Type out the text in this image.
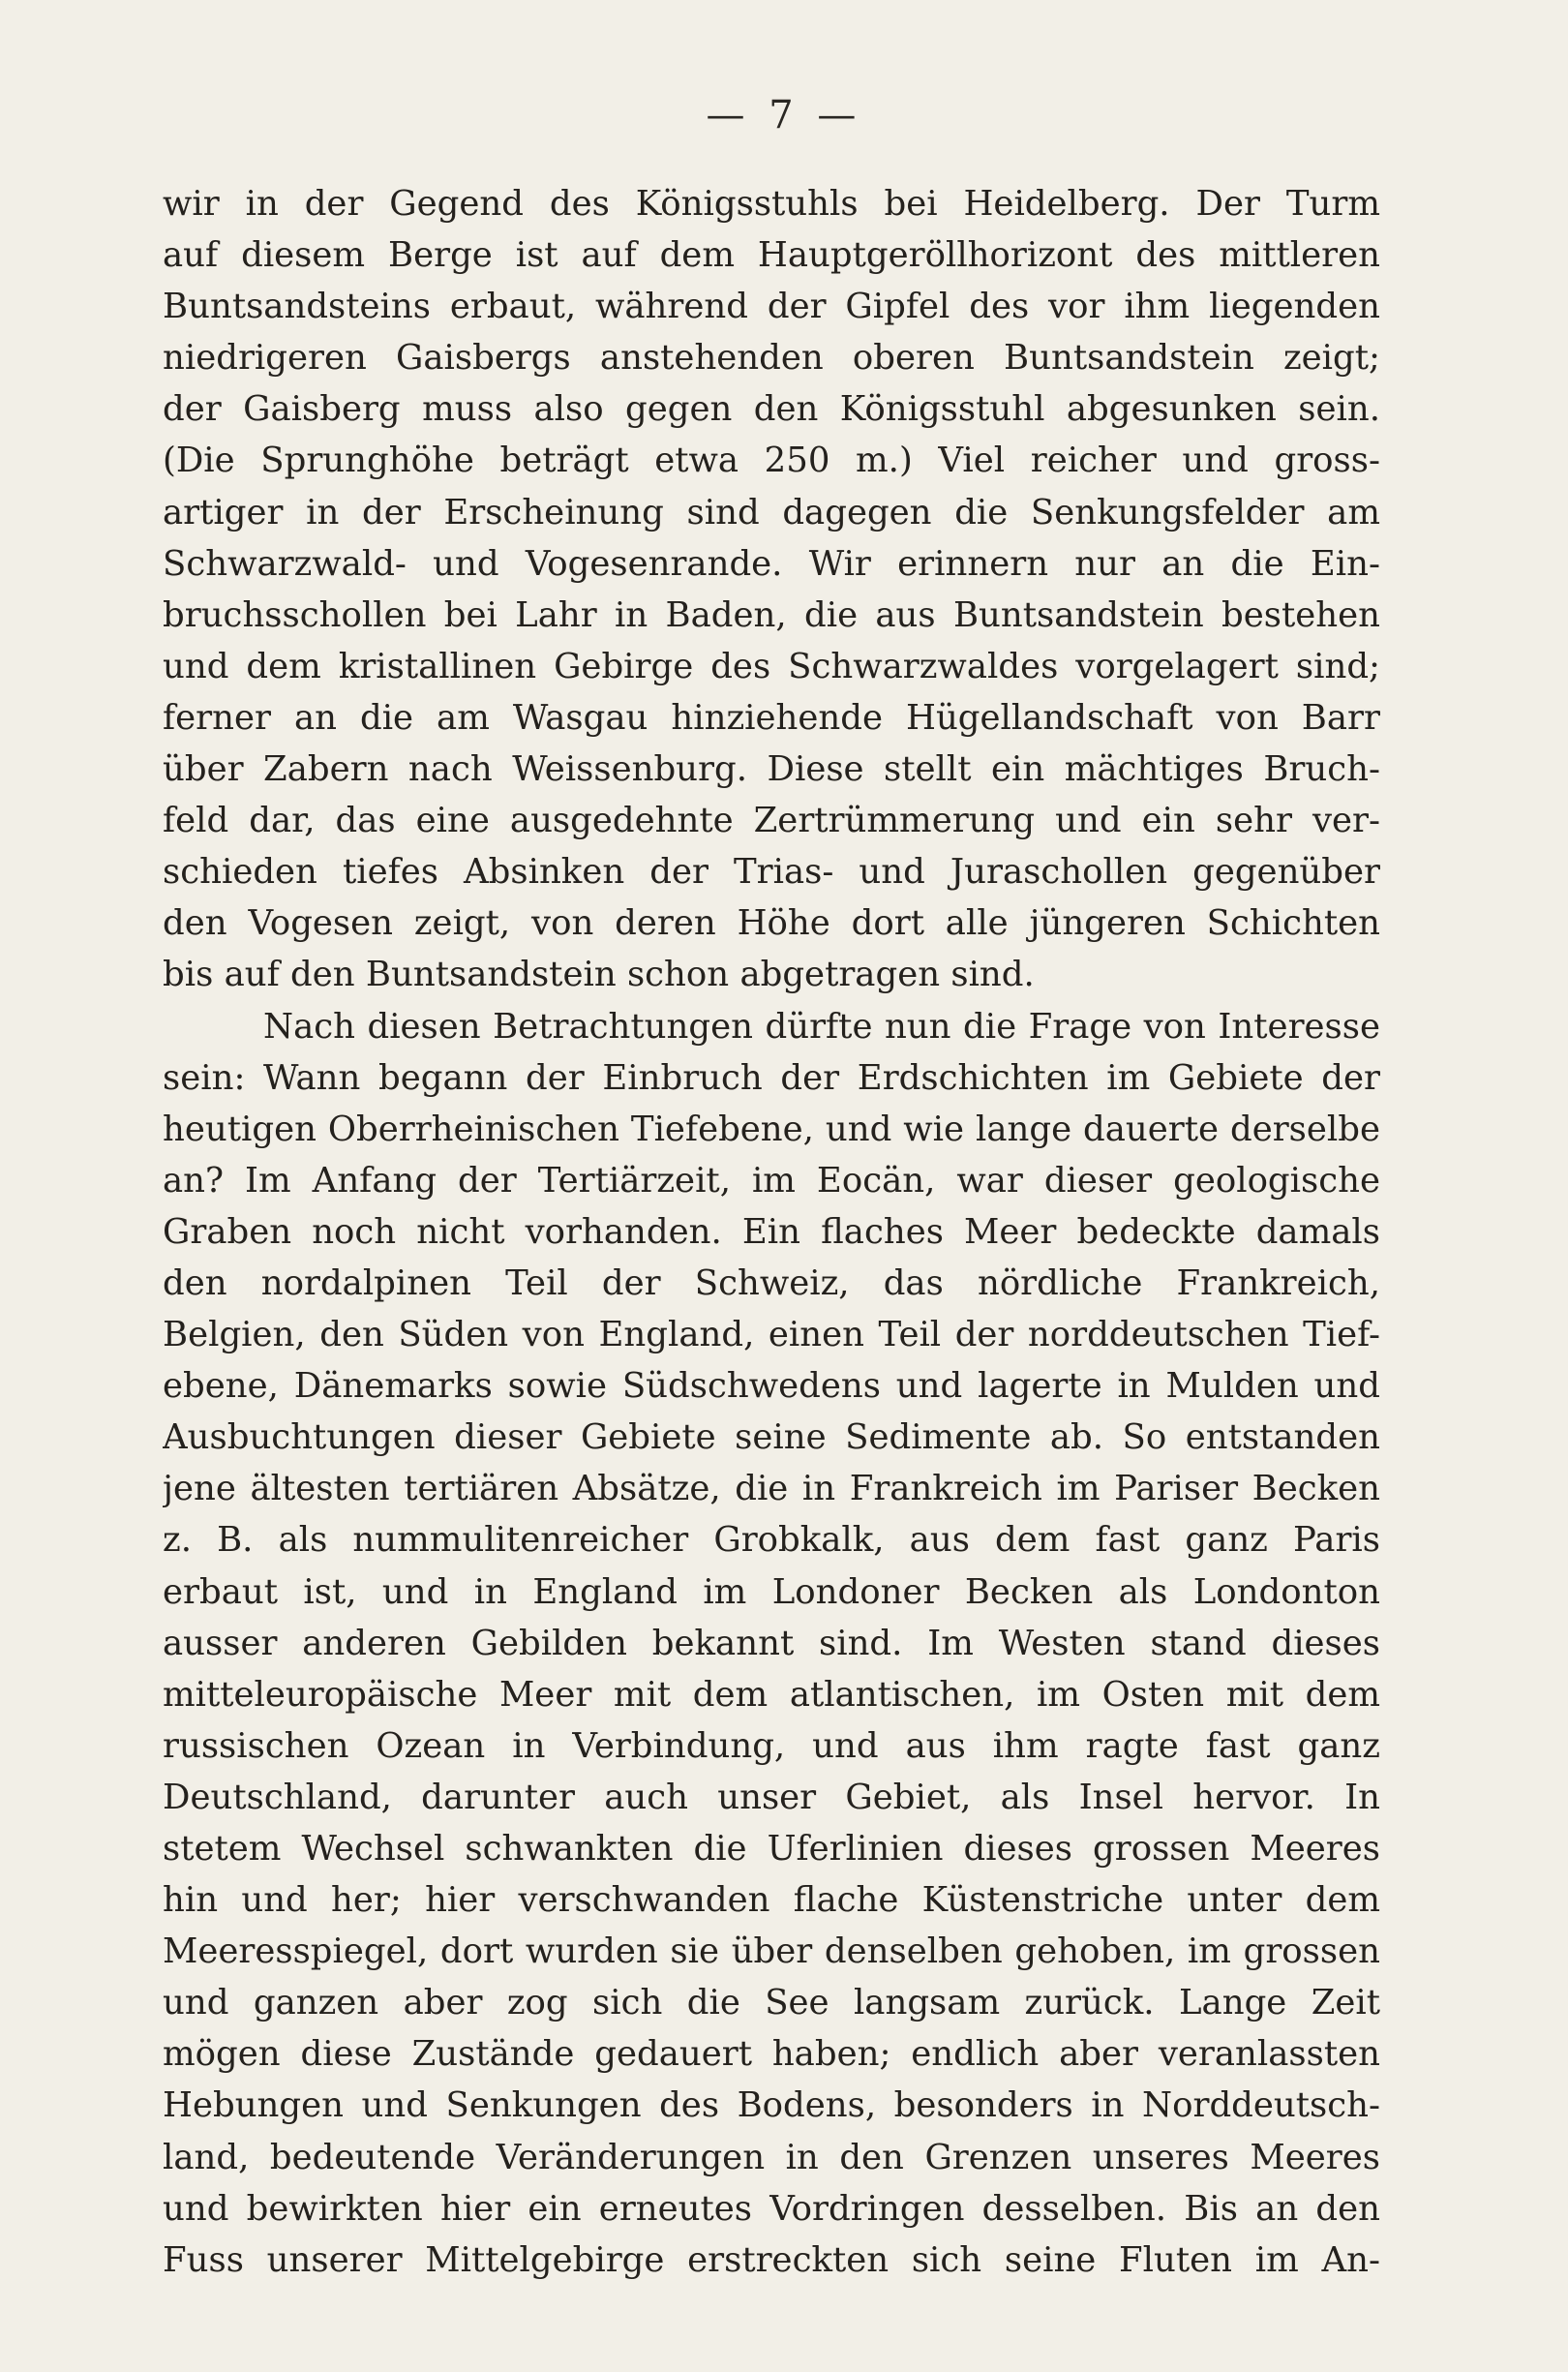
— 7 —
wir in der Gegend des Königsstuhls bei Heidelberg. Der Turm
auf diesem Berge ist auf dem Hauptgeröllhorizont des mittleren
Buntsandsteins erbaut, während der Gipfel des vor ihm liegenden
niedrigeren Gaisbergs anstehenden oberen Buntsandstein zeigt;
der Gaisberg muss also gegen den Königsstuhl abgesunken sein.
(Die Sprunghöhe beträgt etwa 250 m.) Viel reicher und gross-
artiger in der Erscheinung sind dagegen die Senkungsfelder am
Schwarzwald- und Vogesenrande. Wir erinnern nur an die Ein-
bruchsschollen bei Lahr in Baden, die aus Buntsandstein bestehen
und dem kristallinen Gebirge des Schwarzwaldes vorgelagert sind;
ferner an die am Wasgau hinziehende Hügellandschaft von Barr
über Zabern nach Weissenburg. Diese stellt ein mächtiges Bruch-
feld dar, das eine ausgedehnte Zertrümmerung und ein sehr ver-
schieden tiefes Absinken der Trias- und Juraschollen gegenüber
den Vogesen zeigt, von deren Höhe dort alle jüngeren Schichten
bis auf den Buntsandstein schon abgetragen sind.
Nach diesen Betrachtungen dürfte nun die Frage von Interesse
sein: Wann begann der Einbruch der Erdschichten im Gebiete der
heutigen Oberrheinischen Tiefebene, und wie lange dauerte derselbe
an? Im Anfang der Tertiärzeit, im Eocän, war dieser geologische
Graben noch nicht vorhanden. Ein flaches Meer bedeckte damals
den nordalpinen Teil der Schweiz, das nördliche Frankreich,
Belgien, den Süden von England, einen Teil der norddeutschen Tief-
ebene, Dänemarks sowie Südschwedens und lagerte in Mulden und
Ausbuchtungen dieser Gebiete seine Sedimente ab. So entstanden
jene ältesten tertiären Absätze, die in Frankreich im Pariser Becken
z. B. als nummulitenreicher Grobkalk, aus dem fast ganz Paris
erbaut ist, und in England im Londoner Becken als Londonton
ausser anderen Gebilden bekannt sind. Im Westen stand dieses
mitteleuropäische Meer mit dem atlantischen, im Osten mit dem
russischen Ozean in Verbindung, und aus ihm ragte fast ganz
Deutschland, darunter auch unser Gebiet, als Insel hervor. In
stetem Wechsel schwankten die Uferlinien dieses grossen Meeres
hin und her; hier verschwanden flache Küstenstriche unter dem
Meeresspiegel, dort wurden sie über denselben gehoben, im grossen
und ganzen aber zog sich die See langsam zurück. Lange Zeit
mögen diese Zustände gedauert haben; endlich aber veranlassten
Hebungen und Senkungen des Bodens, besonders in Norddeutsch-
land, bedeutende Veränderungen in den Grenzen unseres Meeres
und bewirkten hier ein erneutes Vordringen desselben. Bis an den
Fuss unserer Mittelgebirge erstreckten sich seine Fluten im An-
